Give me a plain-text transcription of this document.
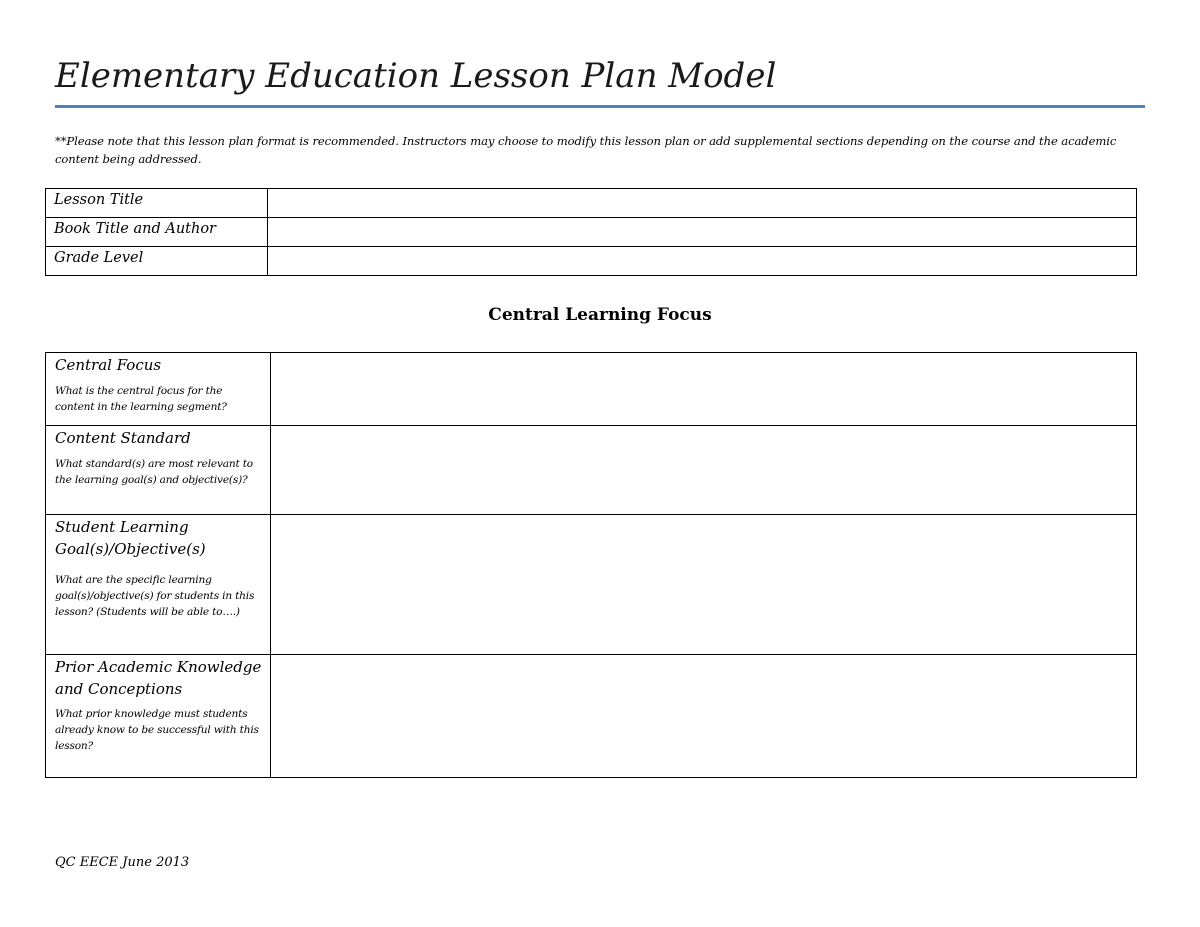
Elementary Education Lesson Plan Model
**Please note that this lesson plan format is recommended. Instructors may choose to modify this lesson plan or add supplemental sections depending on the course and the academic content being addressed.
Lesson Title	
Book Title and Author	
Grade Level	
Central Learning Focus
Central Focus
What is the central focus for the content in the learning segment?	

Content Standard
What standard(s) are most relevant to the learning goal(s) and objective(s)?	

Student Learning Goal(s)/Objective(s)
What are the specific learning goal(s)/objective(s) for students in this lesson? (Students will be able to….)	

Prior Academic Knowledge and Conceptions
What prior knowledge must students already know to be successful with this lesson?	

QC EECE June 2013
